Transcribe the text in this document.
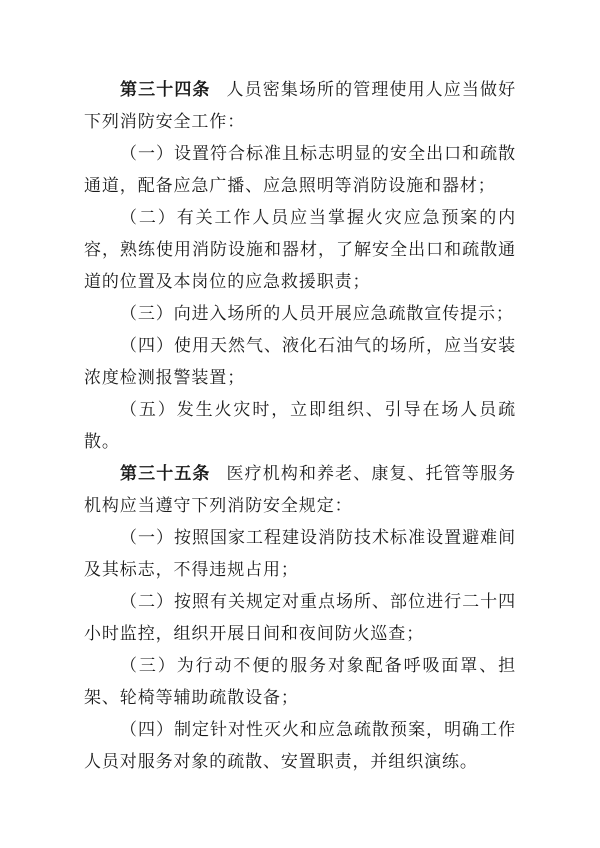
第三十四条 人员密集场所的管理使用人应当做好下列消防安全工作：

（一）设置符合标准且标志明显的安全出口和疏散通道，配备应急广播、应急照明等消防设施和器材；

（二）有关工作人员应当掌握火灾应急预案的内容，熟练使用消防设施和器材，了解安全出口和疏散通道的位置及本岗位的应急救援职责；

（三）向进入场所的人员开展应急疏散宣传提示；

（四）使用天然气、液化石油气的场所，应当安装浓度检测报警装置；

（五）发生火灾时，立即组织、引导在场人员疏散。

第三十五条 医疗机构和养老、康复、托管等服务机构应当遵守下列消防安全规定：

（一）按照国家工程建设消防技术标准设置避难间及其标志，不得违规占用；

（二）按照有关规定对重点场所、部位进行二十四小时监控，组织开展日间和夜间防火巡查；

（三）为行动不便的服务对象配备呼吸面罩、担架、轮椅等辅助疏散设备；

（四）制定针对性灭火和应急疏散预案，明确工作人员对服务对象的疏散、安置职责，并组织演练。
